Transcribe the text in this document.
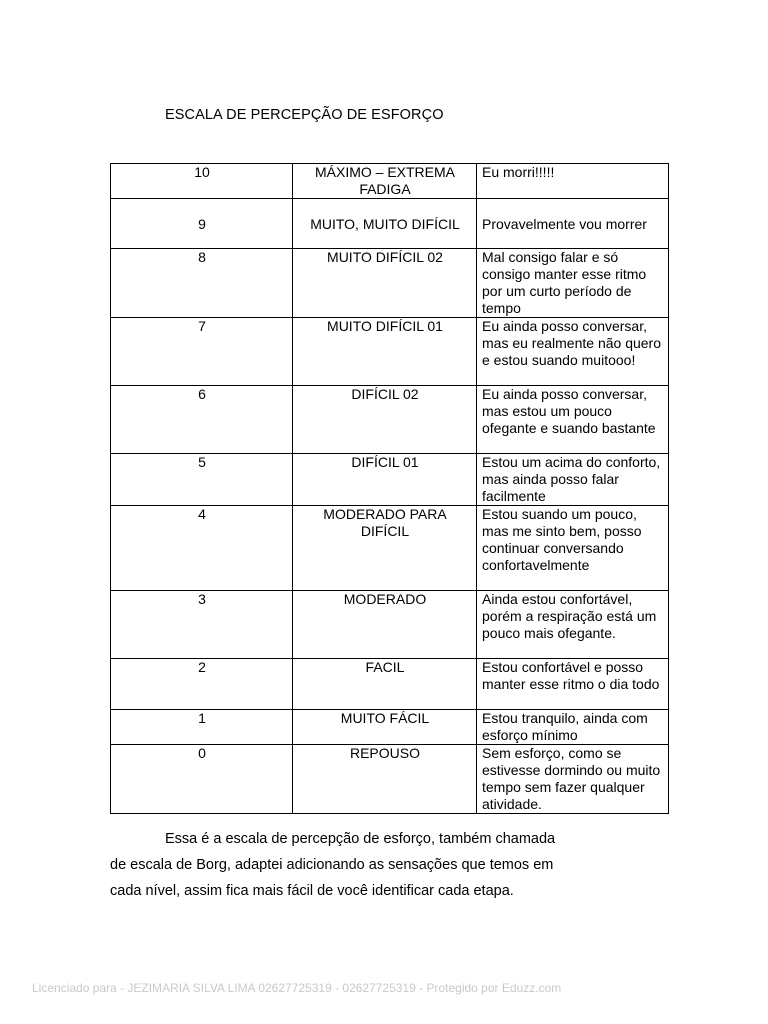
ESCALA DE PERCEPÇÃO DE ESFORÇO
10	MÁXIMO – EXTREMA FADIGA	Eu morri!!!!!

9	MUITO, MUITO DIFÍCIL	Provavelmente vou morrer

8	MUITO DIFÍCIL 02	Mal consigo falar e só consigo manter esse ritmo por um curto período de tempo
7	MUITO DIFÍCIL 01	Eu ainda posso conversar, mas eu realmente não quero e estou suando muitooo!
6	DIFÍCIL 02	Eu ainda posso conversar, mas estou um pouco ofegante e suando bastante
5	DIFÍCIL 01	Estou um acima do conforto, mas ainda posso falar facilmente
4	MODERADO PARA DIFÍCIL	Estou suando um pouco, mas me sinto bem, posso continuar conversando confortavelmente
3	MODERADO	Ainda estou confortável, porém a respiração está um pouco mais ofegante.
2	FACIL	Estou confortável e posso manter esse ritmo o dia todo
1	MUITO FÁCIL	Estou tranquilo, ainda com esforço mínimo
0	REPOUSO	Sem esforço, como se estivesse dormindo ou muito tempo sem fazer qualquer atividade.
Essa é a escala de percepção de esforço, também chamada
de escala de Borg, adaptei adicionando as sensações que temos em
cada nível, assim fica mais fácil de você identificar cada etapa.
Licenciado para - JEZIMARIA SILVA LIMA 02627725319 - 02627725319 - Protegido por Eduzz.com
